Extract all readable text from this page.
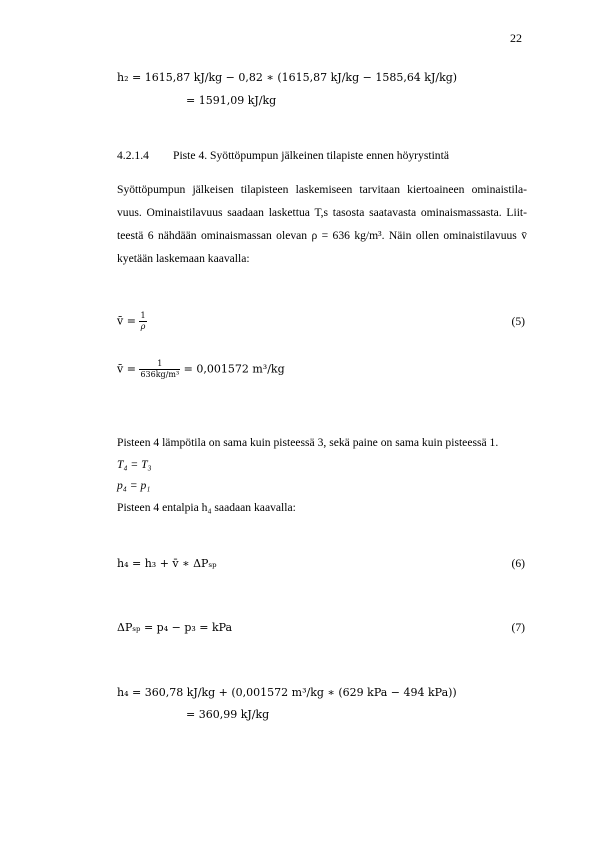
22
h₂ = 1615,87 kJ/kg − 0,82 ∗ (1615,87 kJ/kg − 1585,64 kJ/kg)
= 1591,09 kJ/kg
4.2.1.4 Piste 4. Syöttöpumpun jälkeinen tilapiste ennen höyrystintä
Syöttöpumpun jälkeisen tilapisteen laskemiseen tarvitaan kiertoaineen ominaistila-
vuus. Ominaistilavuus saadaan laskettua T,s tasosta saatavasta ominaismassasta. Liit-
teestä 6 nähdään ominaismassan olevan ρ = 636 kg/m³. Näin ollen ominaistilavuus v̄
kyetään laskemaan kaavalla:
v̄ = $\frac{1}{\rho}$	(5)
v̄ = $\frac{1}{\text{636kg/m³}} = 0,001572$ m³/kg
Pisteen 4 lämpötila on sama kuin pisteessä 3, sekä paine on sama kuin pisteessä 1.
T₄ = T₃
p₄ = p₁
Pisteen 4 entalpia h₄ saadaan kaavalla:
h₄ = h₃ + v̄ ∗ ΔPₛₚ	(6)
ΔPₛₚ = p₄ − p₃ = kPa	(7)
h₄ = 360,78 kJ/kg + (0,001572 m³/kg ∗ (629 kPa − 494 kPa))
= 360,99 kJ/kg
